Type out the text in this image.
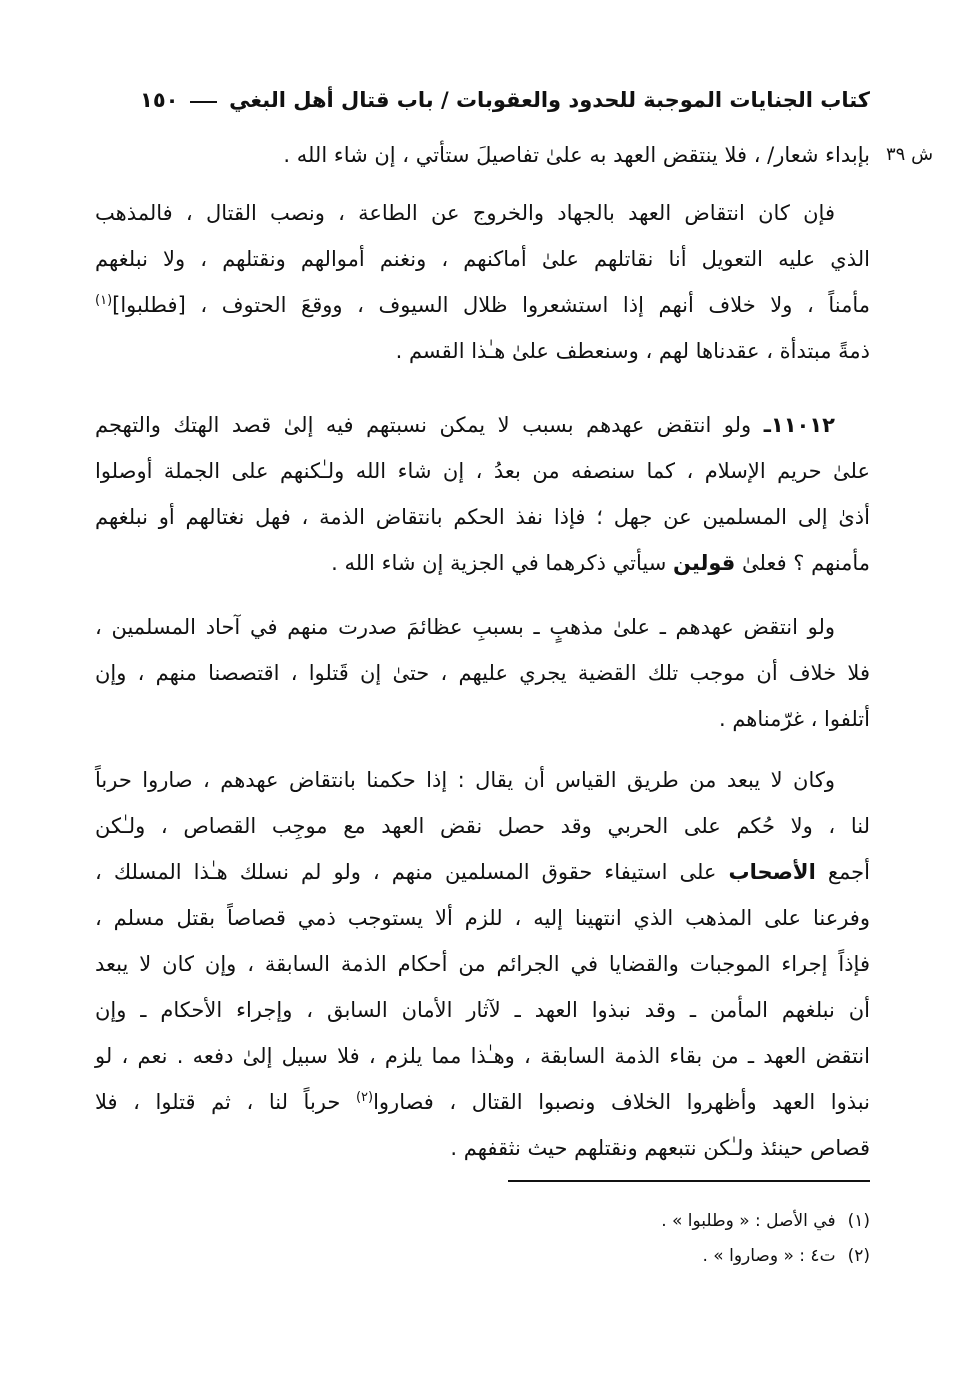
كتاب الجنايات الموجبة للحدود والعقوبات / باب قتال أهل البغي
١٥٠
ش ٣٩
بإبداء شعار/ ، فلا ينتقض العهد به علىٰ تفاصيلَ ستأتي ، إن شاء الله .
فإن كان انتقاض العهد بالجهاد والخروج عن الطاعة ، ونصب القتال ، فالمذهب
الذي عليه التعويل أنا نقاتلهم علىٰ أماكنهم ، ونغنم أموالهم ونقتلهم ، ولا نبلغهم
مأمناً ، ولا خلاف أنهم إذا استشعروا ظلال السيوف ، ووقعَ الحتوف ، [فطلبوا]$^{(١)}$
ذمةً مبتدأة ، عقدناها لهم ، وسنعطف علىٰ هـٰذا القسم .
١١٠١٢ـ ولو انتقض عهدهم بسبب لا يمكن نسبتهم فيه إلىٰ قصد الهتك والتهجم
علىٰ حريم الإسلام ، كما سنصفه من بعدُ ، إن شاء الله ولـٰكنهم على الجملة أوصلوا
أذىٰ إلى المسلمين عن جهل ؛ فإذا نفذ الحكم بانتقاض الذمة ، فهل نغتالهم أو نبلغهم
مأمنهم ؟ فعلىٰ قولين سيأتي ذكرهما في الجزية إن شاء الله .
ولو انتقض عهدهم ـ علىٰ مذهبٍ ـ بسببِ عظائمَ صدرت منهم في آحاد المسلمين ،
فلا خلاف أن موجب تلك القضية يجري عليهم ، حتىٰ إن قَتلوا ، اقتصصنا منهم ، وإن
أتلفوا ، غرّمناهم .
وكان لا يبعد من طريق القياس أن يقال : إذا حكمنا بانتقاض عهدهم ، صاروا حرباً
لنا ، ولا حُكم على الحربي وقد حصل نقض العهد مع موجِب القصاص ، ولـٰكن
أجمع الأصحاب على استيفاء حقوق المسلمين منهم ، ولو لم نسلك هـٰذا المسلك ،
وفرعنا على المذهب الذي انتهينا إليه ، للزم ألا يستوجب ذمي قصاصاً بقتل مسلم ،
فإذاً إجراء الموجبات والقضايا في الجرائم من أحكام الذمة السابقة ، وإن كان لا يبعد
أن نبلغهم المأمن ـ وقد نبذوا العهد ـ لآثار الأمان السابق ، وإجراء الأحكام ـ وإن
انتقض العهد ـ من بقاء الذمة السابقة ، وهـٰذا مما يلزم ، فلا سبيل إلىٰ دفعه . نعم ، لو
نبذوا العهد وأظهروا الخلاف ونصبوا القتال ، فصاروا$^{(٢)}$ حرباً لنا ، ثم قتلوا ، فلا
قصاص حينئذ ولـٰكن نتبعهم ونقتلهم حيث نثقفهم .
(١)في الأصل : « وطلبوا » .
(٢)ت٤ : « وصاروا » .
